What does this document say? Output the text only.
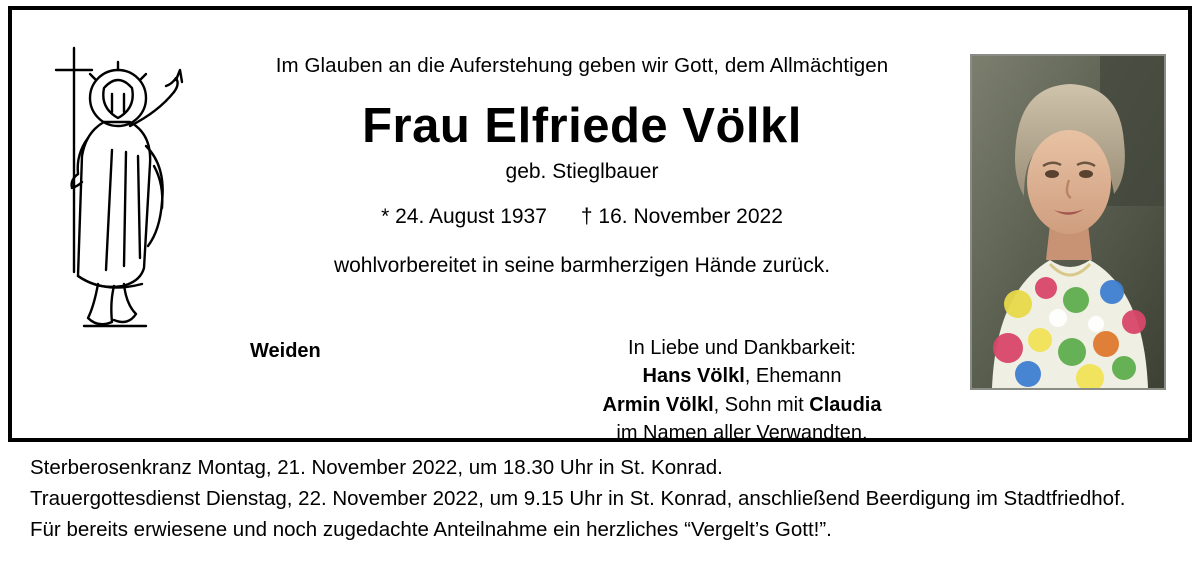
Im Glauben an die Auferstehung geben wir Gott, dem Allmächtigen
Frau Elfriede Völkl
geb. Stieglbauer
* 24. August 1937 † 16. November 2022
wohlvorbereitet in seine barmherzigen Hände zurück.
Weiden	In Liebe und Dankbarkeit:
Hans Völkl, Ehemann
Armin Völkl, Sohn mit Claudia
im Namen aller Verwandten.
Sterberosenkranz Montag, 21. November 2022, um 18.30 Uhr in St. Konrad.
Trauergottesdienst Dienstag, 22. November 2022, um 9.15 Uhr in St. Konrad, anschließend Beerdigung im Stadtfriedhof.
Für bereits erwiesene und noch zugedachte Anteilnahme ein herzliches “Vergelt’s Gott!”.
